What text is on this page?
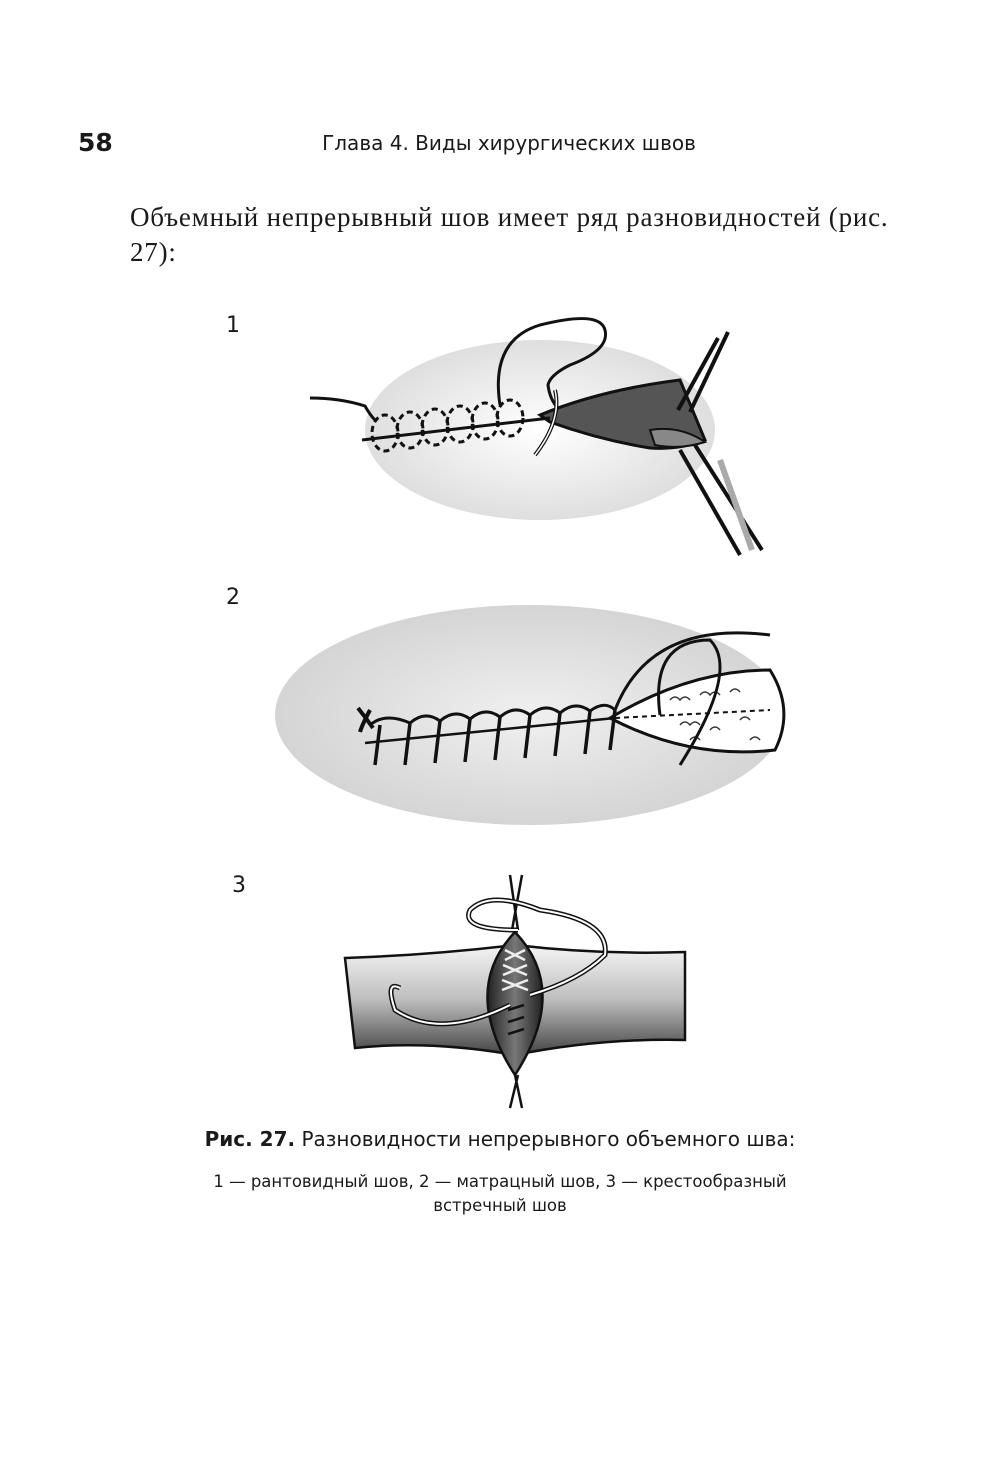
58	Глава 4. Виды хирургических швов

Объемный непрерывный шов имеет ряд разновидностей (рис. 27):

1
2
3
Рис. 27. Разновидности непрерывного объемного шва:
1 — рантовидный шов, 2 — матрацный шов, 3 — крестообразный
встречный шов
